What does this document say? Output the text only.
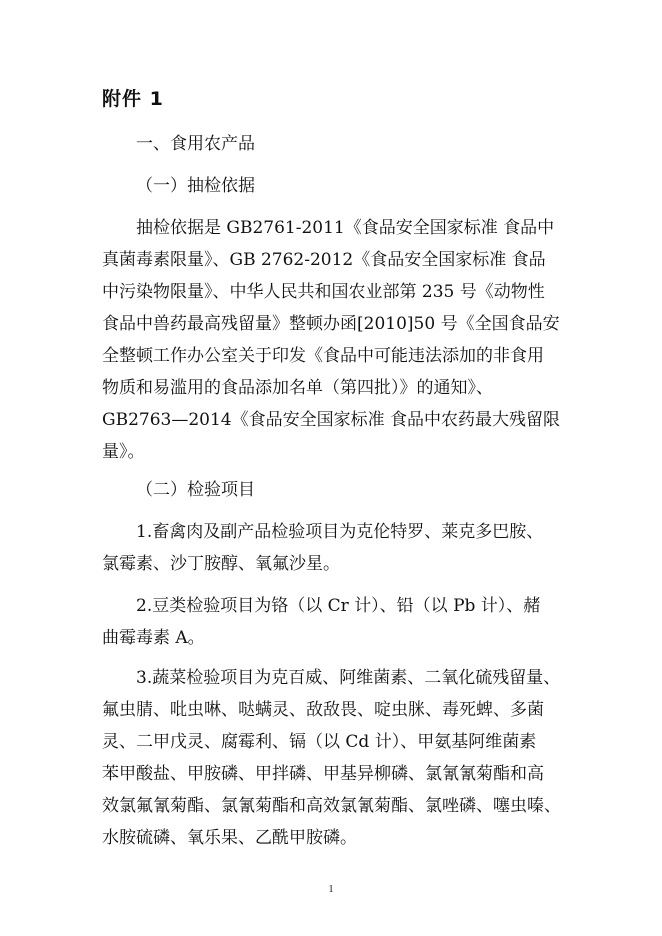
附件 1
一、食用农产品
（一）抽检依据
抽检依据是 GB2761-2011《食品安全国家标准 食品中
真菌毒素限量》、GB 2762-2012《食品安全国家标准 食品
中污染物限量》、中华人民共和国农业部第 235 号《动物性
食品中兽药最高残留量》整顿办函[2010]50 号《全国食品安
全整顿工作办公室关于印发《食品中可能违法添加的非食用
物质和易滥用的食品添加名单（第四批）》的通知》、
GB2763—2014《食品安全国家标准 食品中农药最大残留限
量》。
（二）检验项目
1.畜禽肉及副产品检验项目为克伦特罗、莱克多巴胺、
氯霉素、沙丁胺醇、氧氟沙星。
2.豆类检验项目为铬（以 Cr 计）、铅（以 Pb 计）、赭
曲霉毒素 A。
3.蔬菜检验项目为克百威、阿维菌素、二氧化硫残留量、
氟虫腈、吡虫啉、哒螨灵、敌敌畏、啶虫脒、毒死蜱、多菌
灵、二甲戊灵、腐霉利、镉（以 Cd 计）、甲氨基阿维菌素
苯甲酸盐、甲胺磷、甲拌磷、甲基异柳磷、氯氰氰菊酯和高
效氯氟氰菊酯、氯氰菊酯和高效氯氰菊酯、氯唑磷、噻虫嗪、
水胺硫磷、氧乐果、乙酰甲胺磷。
1
